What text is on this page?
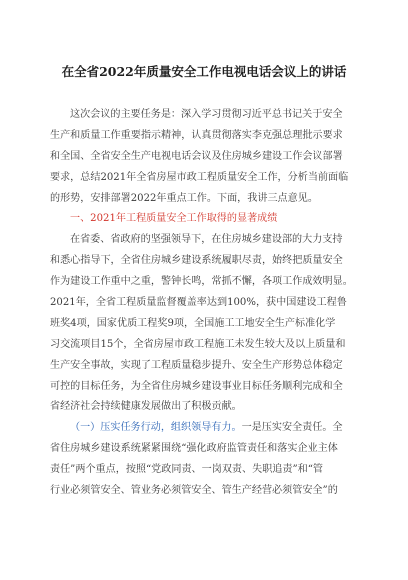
在全省2022年质量安全工作电视电话会议上的讲话
这次会议的主要任务是：深入学习贯彻习近平总书记关于安全
生产和质量工作重要指示精神，认真贯彻落实李克强总理批示要求
和全国、全省安全生产电视电话会议及住房城乡建设工作会议部署
要求，总结2021年全省房屋市政工程质量安全工作，分析当前面临
的形势，安排部署2022年重点工作。下面，我讲三点意见。
一、2021年工程质量安全工作取得的显著成绩
在省委、省政府的坚强领导下，在住房城乡建设部的大力支持
和悉心指导下，全省住房城乡建设系统履职尽责，始终把质量安全
作为建设工作重中之重，警钟长鸣，常抓不懈，各项工作成效明显。
2021年，全省工程质量监督覆盖率达到100%，获中国建设工程鲁
班奖4项，国家优质工程奖9项，全国施工工地安全生产标准化学
习交流项目15个，全省房屋市政工程施工未发生较大及以上质量和
生产安全事故，实现了工程质量稳步提升、安全生产形势总体稳定
可控的目标任务，为全省住房城乡建设事业目标任务顺利完成和全
省经济社会持续健康发展做出了积极贡献。
（一）压实任务行动，组织领导有力。一是压实安全责任。全
省住房城乡建设系统紧紧围绕“强化政府监管责任和落实企业主体
责任”两个重点，按照“党政同责、一岗双责、失职追责”和“管
行业必须管安全、管业务必须管安全、管生产经营必须管安全”的
